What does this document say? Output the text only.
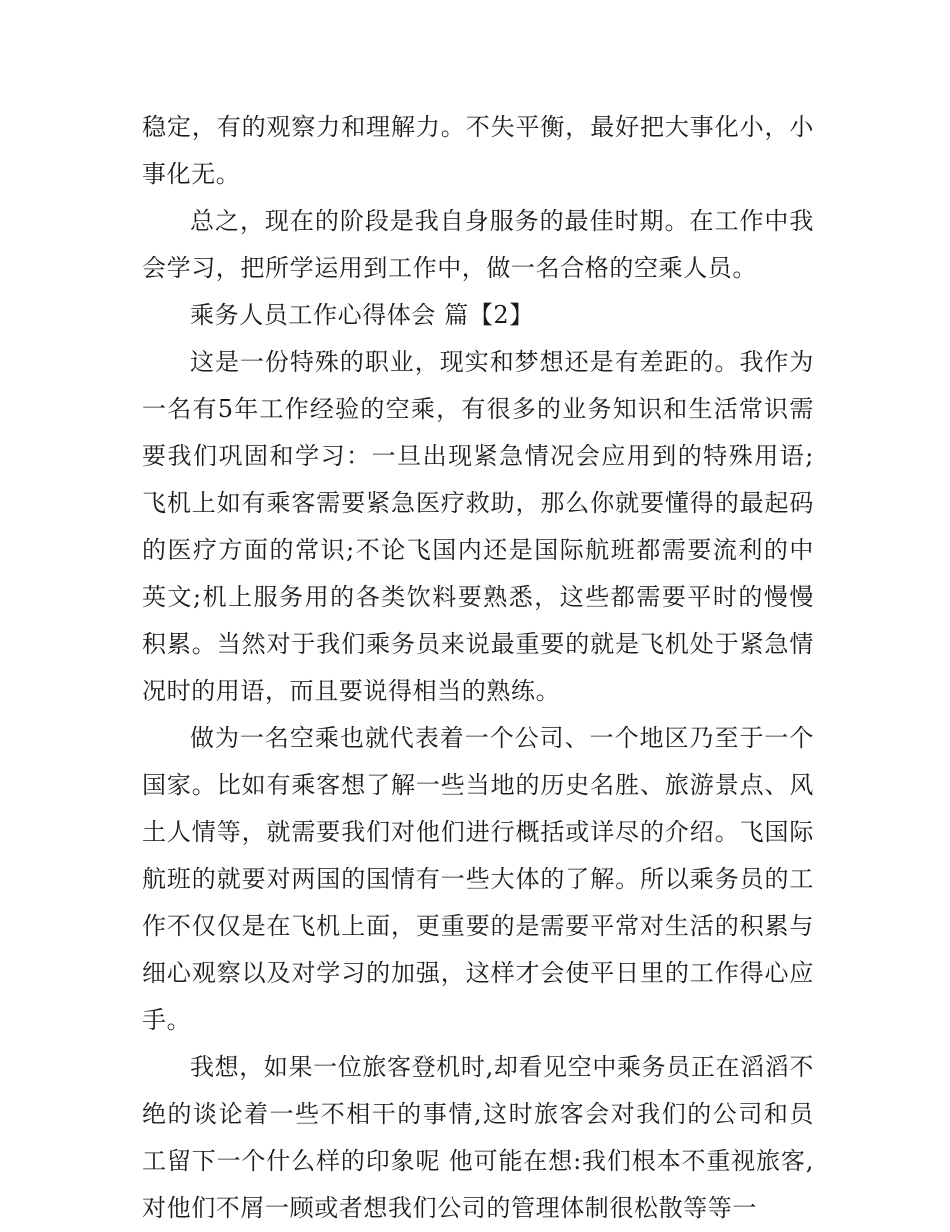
稳定，有的观察力和理解力。不失平衡，最好把大事化小，小事化无。

总之，现在的阶段是我自身服务的最佳时期。在工作中我会学习，把所学运用到工作中，做一名合格的空乘人员。

乘务人员工作心得体会 篇【2】

这是一份特殊的职业，现实和梦想还是有差距的。我作为一名有5年工作经验的空乘，有很多的业务知识和生活常识需要我们巩固和学习：一旦出现紧急情况会应用到的特殊用语;飞机上如有乘客需要紧急医疗救助，那么你就要懂得的最起码的医疗方面的常识;不论飞国内还是国际航班都需要流利的中英文;机上服务用的各类饮料要熟悉，这些都需要平时的慢慢积累。当然对于我们乘务员来说最重要的就是飞机处于紧急情况时的用语，而且要说得相当的熟练。

做为一名空乘也就代表着一个公司、一个地区乃至于一个国家。比如有乘客想了解一些当地的历史名胜、旅游景点、风土人情等，就需要我们对他们进行概括或详尽的介绍。飞国际航班的就要对两国的国情有一些大体的了解。所以乘务员的工作不仅仅是在飞机上面，更重要的是需要平常对生活的积累与细心观察以及对学习的加强，这样才会使平日里的工作得心应手。

我想，如果一位旅客登机时,却看见空中乘务员正在滔滔不绝的谈论着一些不相干的事情,这时旅客会对我们的公司和员工留下一个什么样的印象呢 他可能在想:我们根本不重视旅客,对他们不屑一顾或者想我们公司的管理体制很松散等等一
